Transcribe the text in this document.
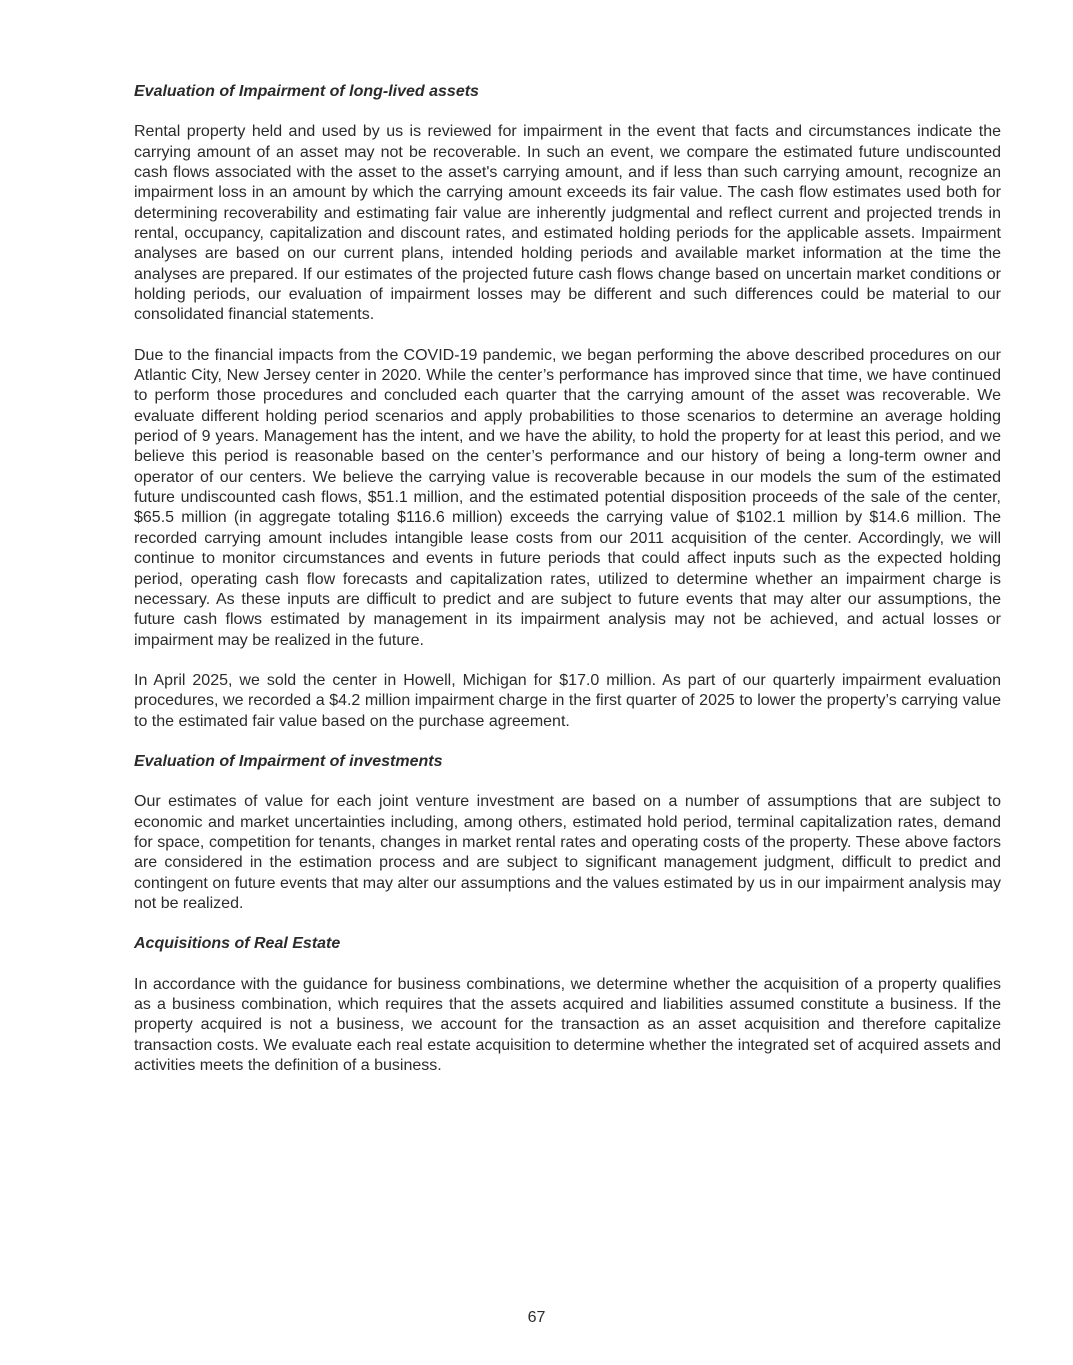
Evaluation of Impairment of long-lived assets

Rental property held and used by us is reviewed for impairment in the event that facts and circumstances indicate the carrying amount of an asset may not be recoverable. In such an event, we compare the estimated future undiscounted cash flows associated with the asset to the asset's carrying amount, and if less than such carrying amount, recognize an impairment loss in an amount by which the carrying amount exceeds its fair value. The cash flow estimates used both for determining recoverability and estimating fair value are inherently judgmental and reflect current and projected trends in rental, occupancy, capitalization and discount rates, and estimated holding periods for the applicable assets. Impairment analyses are based on our current plans, intended holding periods and available market information at the time the analyses are prepared. If our estimates of the projected future cash flows change based on uncertain market conditions or holding periods, our evaluation of impairment losses may be different and such differences could be material to our consolidated financial statements.

Due to the financial impacts from the COVID-19 pandemic, we began performing the above described procedures on our Atlantic City, New Jersey center in 2020. While the center’s performance has improved since that time, we have continued to perform those procedures and concluded each quarter that the carrying amount of the asset was recoverable. We evaluate different holding period scenarios and apply probabilities to those scenarios to determine an average holding period of 9 years. Management has the intent, and we have the ability, to hold the property for at least this period, and we believe this period is reasonable based on the center’s performance and our history of being a long-term owner and operator of our centers. We believe the carrying value is recoverable because in our models the sum of the estimated future undiscounted cash flows, $51.1 million, and the estimated potential disposition proceeds of the sale of the center, $65.5 million (in aggregate totaling $116.6 million) exceeds the carrying value of $102.1 million by $14.6 million. The recorded carrying amount includes intangible lease costs from our 2011 acquisition of the center. Accordingly, we will continue to monitor circumstances and events in future periods that could affect inputs such as the expected holding period, operating cash flow forecasts and capitalization rates, utilized to determine whether an impairment charge is necessary. As these inputs are difficult to predict and are subject to future events that may alter our assumptions, the future cash flows estimated by management in its impairment analysis may not be achieved, and actual losses or impairment may be realized in the future.

In April 2025, we sold the center in Howell, Michigan for $17.0 million. As part of our quarterly impairment evaluation procedures, we recorded a $4.2 million impairment charge in the first quarter of 2025 to lower the property’s carrying value to the estimated fair value based on the purchase agreement.

Evaluation of Impairment of investments

Our estimates of value for each joint venture investment are based on a number of assumptions that are subject to economic and market uncertainties including, among others, estimated hold period, terminal capitalization rates, demand for space, competition for tenants, changes in market rental rates and operating costs of the property. These above factors are considered in the estimation process and are subject to significant management judgment, difficult to predict and contingent on future events that may alter our assumptions and the values estimated by us in our impairment analysis may not be realized.

Acquisitions of Real Estate

In accordance with the guidance for business combinations, we determine whether the acquisition of a property qualifies as a business combination, which requires that the assets acquired and liabilities assumed constitute a business. If the property acquired is not a business, we account for the transaction as an asset acquisition and therefore capitalize transaction costs. We evaluate each real estate acquisition to determine whether the integrated set of acquired assets and activities meets the definition of a business.

67
